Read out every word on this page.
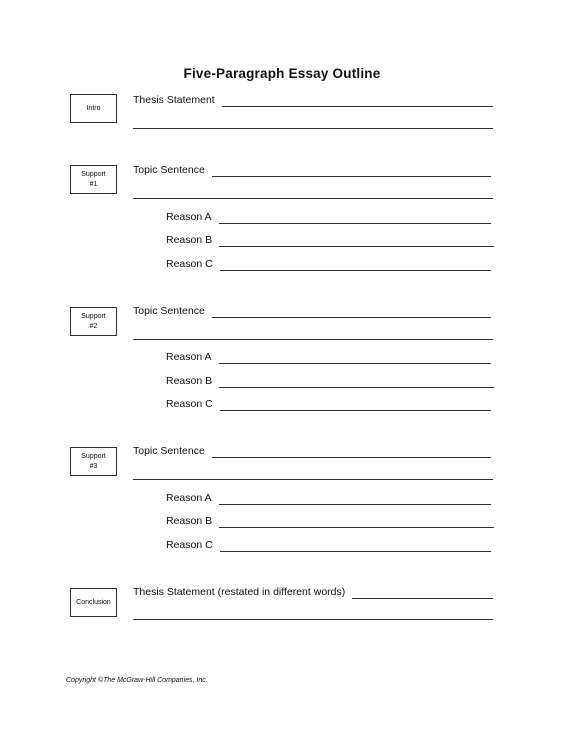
Five-Paragraph Essay Outline
Intro
Thesis Statement
Support
#1
Topic Sentence
Reason A
Reason B
Reason C
Support
#2
Topic Sentence
Reason A
Reason B
Reason C
Support
#3
Topic Sentence
Reason A
Reason B
Reason C
Conclusion
Thesis Statement (restated in different words)
Copyright ©The McGraw-Hill Companies, Inc.
